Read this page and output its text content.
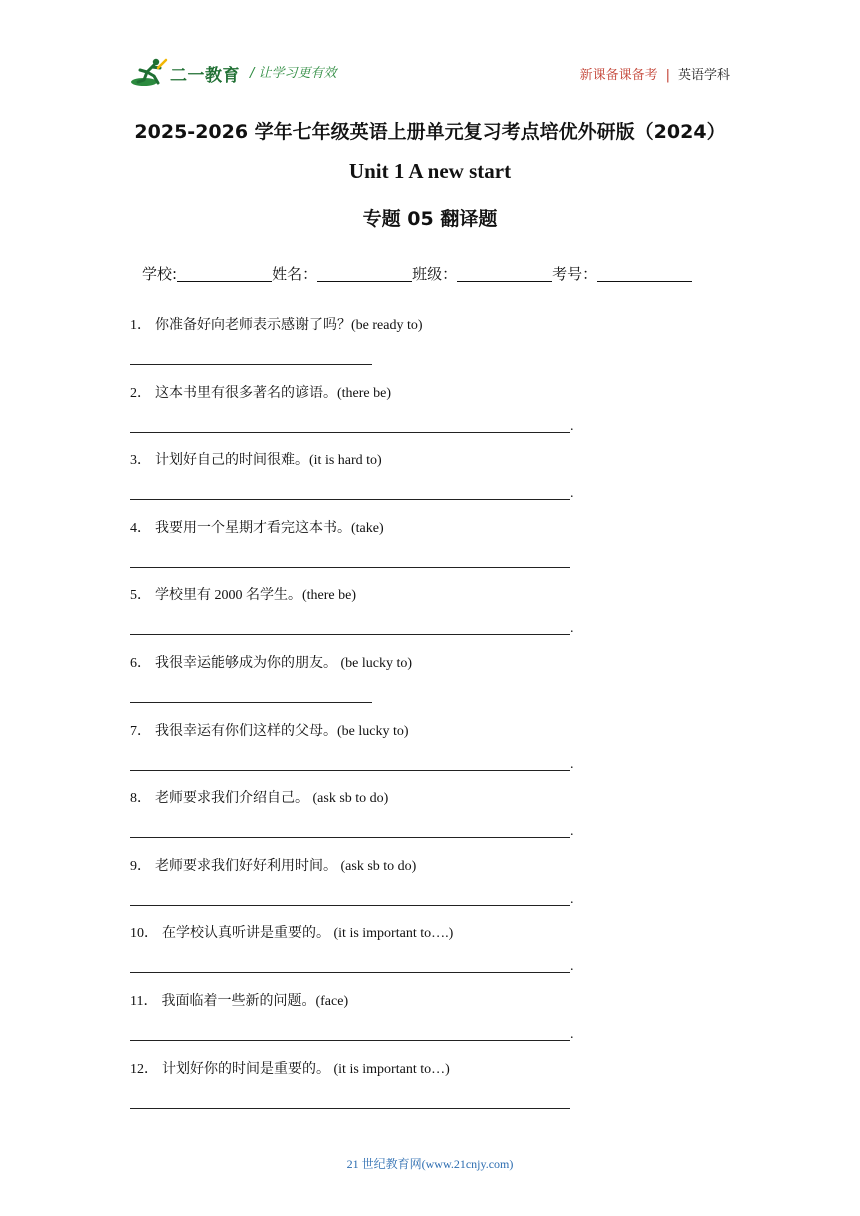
二一教育 / 让学习更有效	新课备课备考 | 英语学科
2025-2026 学年七年级英语上册单元复习考点培优外研版（2024）
Unit 1 A new start
专题 05 翻译题
学校:	姓名：	班级：	考号：
1． 你准备好向老师表示感谢了吗？(be ready to)
2． 这本书里有很多著名的谚语。(there be)
.
3． 计划好自己的时间很难。(it is hard to)
.
4． 我要用一个星期才看完这本书。(take)
5． 学校里有 2000 名学生。(there be)
.
6． 我很幸运能够成为你的朋友。 (be lucky to)
7． 我很幸运有你们这样的父母。(be lucky to)
.
8． 老师要求我们介绍自己。 (ask sb to do)
.
9． 老师要求我们好好利用时间。 (ask sb to do)
.
10． 在学校认真听讲是重要的。 (it is important to….)
.
11． 我面临着一些新的问题。(face)
.
12． 计划好你的时间是重要的。 (it is important to…)
21 世纪教育网(www.21cnjy.com)
